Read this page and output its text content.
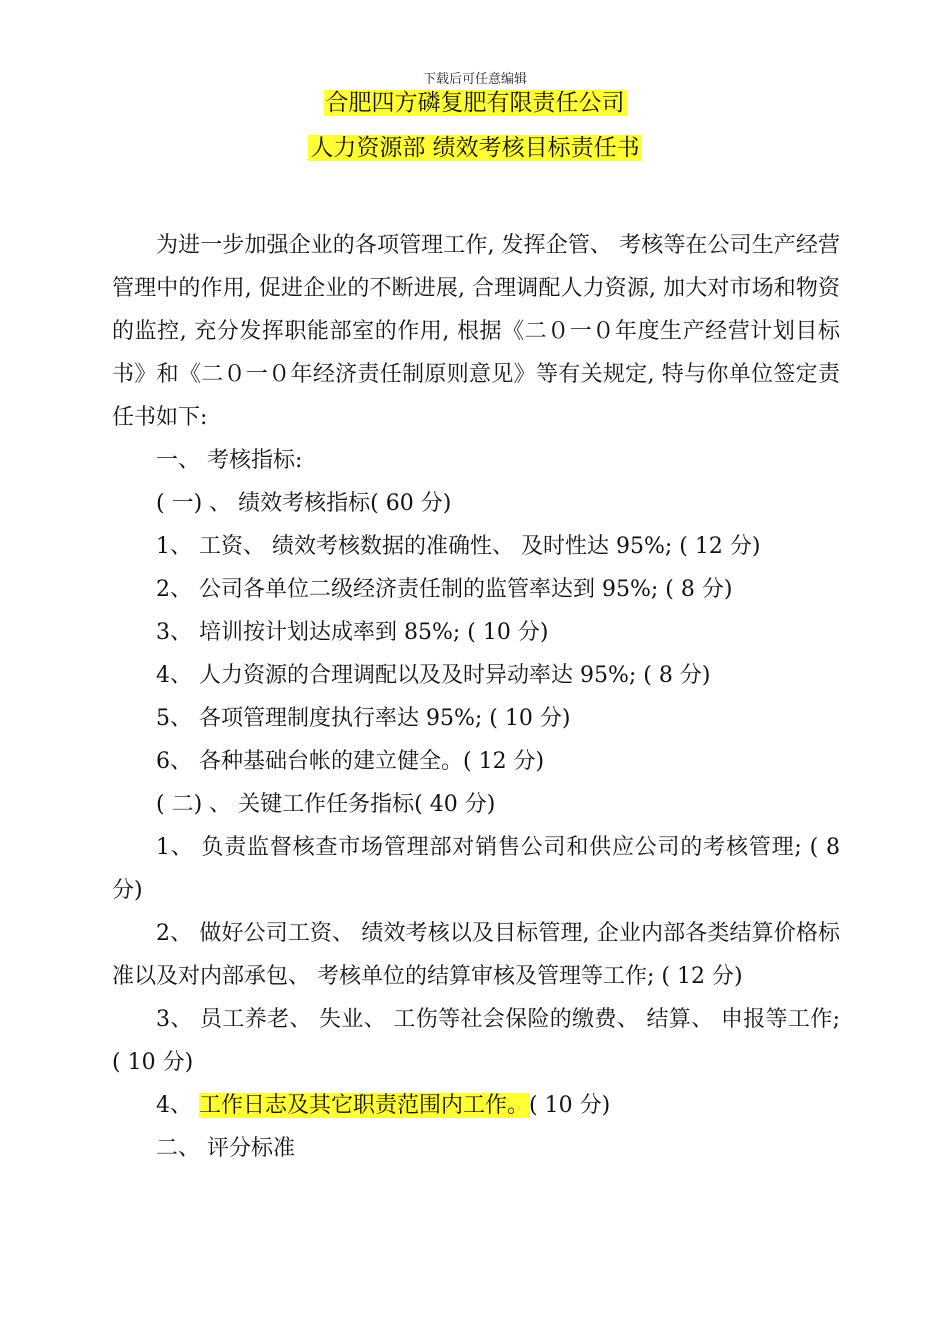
下载后可任意编辑
合肥四方磷复肥有限责任公司
人力资源部 绩效考核目标责任书

为进一步加强企业的各项管理工作, 发挥企管、 考核等在公司生产经营管理中的作用, 促进企业的不断进展, 合理调配人力资源, 加大对市场和物资的监控, 充分发挥职能部室的作用, 根据《二０一０年度生产经营计划目标书》和《二０一０年经济责任制原则意见》等有关规定, 特与你单位签定责任书如下:

一、 考核指标:

( 一) 、 绩效考核指标( 60 分)

1、 工资、 绩效考核数据的准确性、 及时性达 95%; ( 12 分)

2、 公司各单位二级经济责任制的监管率达到 95%; ( 8 分)

3、 培训按计划达成率到 85%; ( 10 分)

4、 人力资源的合理调配以及及时异动率达 95%; ( 8 分)

5、 各项管理制度执行率达 95%; ( 10 分)

6、 各种基础台帐的建立健全。( 12 分)

( 二) 、 关键工作任务指标( 40 分)

1、 负责监督核查市场管理部对销售公司和供应公司的考核管理; ( 8 分)

2、 做好公司工资、 绩效考核以及目标管理, 企业内部各类结算价格标准以及对内部承包、 考核单位的结算审核及管理等工作; ( 12 分)

3、 员工养老、 失业、 工伤等社会保险的缴费、 结算、 申报等工作; ( 10 分)

4、 工作日志及其它职责范围内工作。( 10 分)

二、 评分标准
